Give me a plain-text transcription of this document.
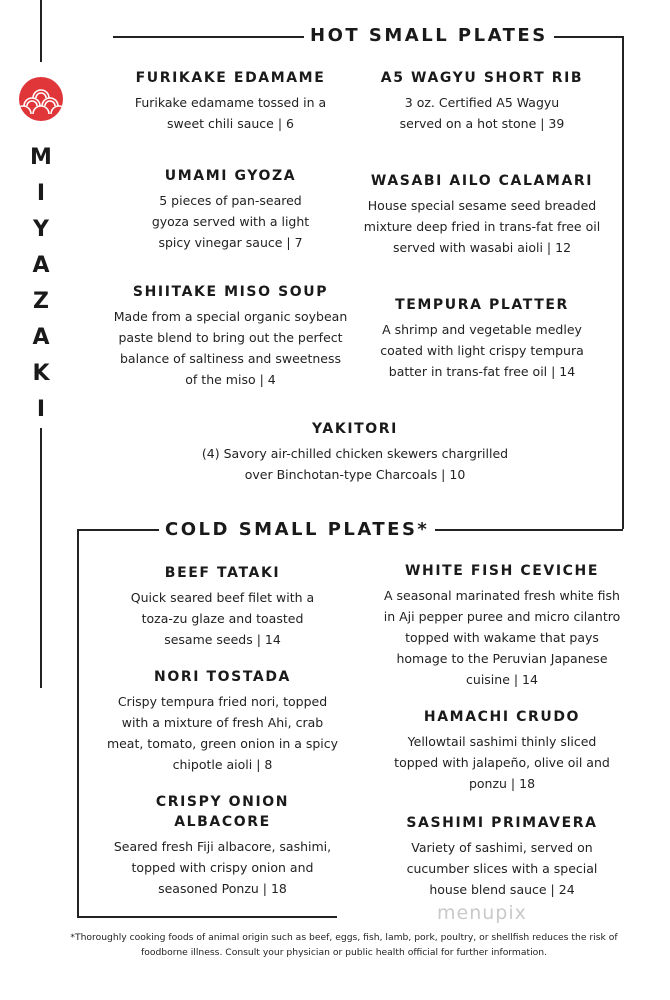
HOT SMALL PLATES
COLD SMALL PLATES*
M
I
Y
A
Z
A
K
I
FURIKAKE EDAMAME
Furikake edamame tossed in a sweet chili sauce | 6
A5 WAGYU SHORT RIB
3 oz. Certified A5 Wagyu served on a hot stone | 39
UMAMI GYOZA
5 pieces of pan-seared gyoza served with a light spicy vinegar sauce | 7
WASABI AILO CALAMARI
House special sesame seed breaded mixture deep fried in trans-fat free oil served with wasabi aioli | 12
SHIITAKE MISO SOUP
Made from a special organic soybean paste blend to bring out the perfect balance of saltiness and sweetness of the miso | 4
TEMPURA PLATTER
A shrimp and vegetable medley coated with light crispy tempura batter in trans-fat free oil | 14
YAKITORI
(4) Savory air-chilled chicken skewers chargrilled over Binchotan-type Charcoals | 10
BEEF TATAKI
Quick seared beef filet with a toza-zu glaze and toasted sesame seeds | 14
WHITE FISH CEVICHE
A seasonal marinated fresh white fish in Aji pepper puree and micro cilantro topped with wakame that pays homage to the Peruvian Japanese cuisine | 14
NORI TOSTADA
Crispy tempura fried nori, topped with a mixture of fresh Ahi, crab meat, tomato, green onion in a spicy chipotle aioli | 8
HAMACHI CRUDO
Yellowtail sashimi thinly sliced topped with jalapeño, olive oil and ponzu | 18
CRISPY ONION ALBACORE
Seared fresh Fiji albacore, sashimi, topped with crispy onion and seasoned Ponzu | 18
SASHIMI PRIMAVERA
Variety of sashimi, served on cucumber slices with a special house blend sauce | 24
menupix
*Thoroughly cooking foods of animal origin such as beef, eggs, fish, lamb, pork, poultry, or shellfish reduces the risk of foodborne illness. Consult your physician or public health official for further information.
